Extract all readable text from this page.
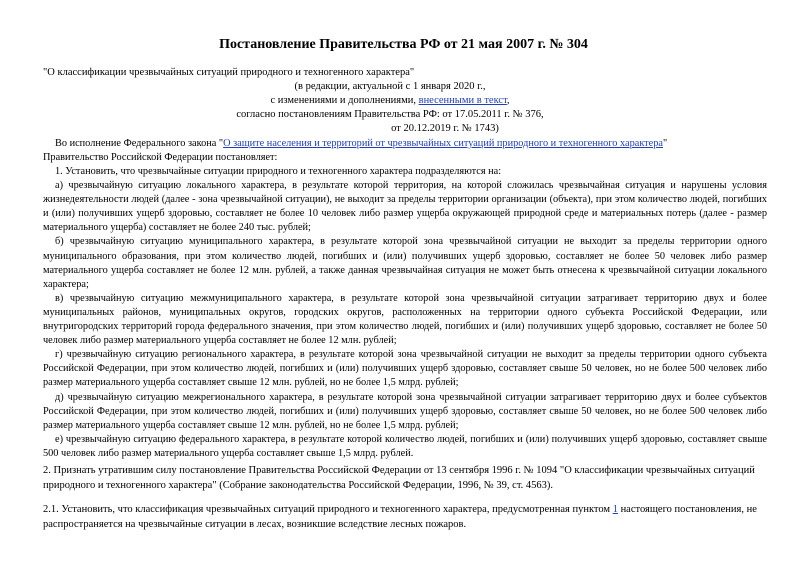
Постановление Правительства РФ от 21 мая 2007 г. № 304
"О классификации чрезвычайных ситуаций природного и техногенного характера"
(в редакции, актуальной с 1 января 2020 г.,
с изменениями и дополнениями, внесенными в текст,
согласно постановлениям Правительства РФ: от 17.05.2011 г. № 376,
от 20.12.2019 г. № 1743)

Во исполнение Федерального закона "О защите населения и территорий от чрезвычайных ситуаций природного и техногенного характера"

Правительство Российской Федерации постановляет:

1. Установить, что чрезвычайные ситуации природного и техногенного характера подразделяются на:

а) чрезвычайную ситуацию локального характера, в результате которой территория, на которой сложилась чрезвычайная ситуация и нарушены условия жизнедеятельности людей (далее - зона чрезвычайной ситуации), не выходит за пределы территории организации (объекта), при этом количество людей, погибших и (или) получивших ущерб здоровью, составляет не более 10 человек либо размер ущерба окружающей природной среде и материальных потерь (далее - размер материального ущерба) составляет не более 240 тыс. рублей;

б) чрезвычайную ситуацию муниципального характера, в результате которой зона чрезвычайной ситуации не выходит за пределы территории одного муниципального образования, при этом количество людей, погибших и (или) получивших ущерб здоровью, составляет не более 50 человек либо размер материального ущерба составляет не более 12 млн. рублей, а также данная чрезвычайная ситуация не может быть отнесена к чрезвычайной ситуации локального характера;

в) чрезвычайную ситуацию межмуниципального характера, в результате которой зона чрезвычайной ситуации затрагивает территорию двух и более муниципальных районов, муниципальных округов, городских округов, расположенных на территории одного субъекта Российской Федерации, или внутригородских территорий города федерального значения, при этом количество людей, погибших и (или) получивших ущерб здоровью, составляет не более 50 человек либо размер материального ущерба составляет не более 12 млн. рублей;

г) чрезвычайную ситуацию регионального характера, в результате которой зона чрезвычайной ситуации не выходит за пределы территории одного субъекта Российской Федерации, при этом количество людей, погибших и (или) получивших ущерб здоровью, составляет свыше 50 человек, но не более 500 человек либо размер материального ущерба составляет свыше 12 млн. рублей, но не более 1,5 млрд. рублей;

д) чрезвычайную ситуацию межрегионального характера, в результате которой зона чрезвычайной ситуации затрагивает территорию двух и более субъектов Российской Федерации, при этом количество людей, погибших и (или) получивших ущерб здоровью, составляет свыше 50 человек, но не более 500 человек либо размер материального ущерба составляет свыше 12 млн. рублей, но не более 1,5 млрд. рублей;

е) чрезвычайную ситуацию федерального характера, в результате которой количество людей, погибших и (или) получивших ущерб здоровью, составляет свыше 500 человек либо размер материального ущерба составляет свыше 1,5 млрд. рублей.

2. Признать утратившим силу постановление Правительства Российской Федерации от 13 сентября 1996 г. № 1094 "О классификации чрезвычайных ситуаций природного и техногенного характера" (Собрание законодательства Российской Федерации, 1996, № 39, ст. 4563).

2.1. Установить, что классификация чрезвычайных ситуаций природного и техногенного характера, предусмотренная пунктом 1 настоящего постановления, не распространяется на чрезвычайные ситуации в лесах, возникшие вследствие лесных пожаров.
